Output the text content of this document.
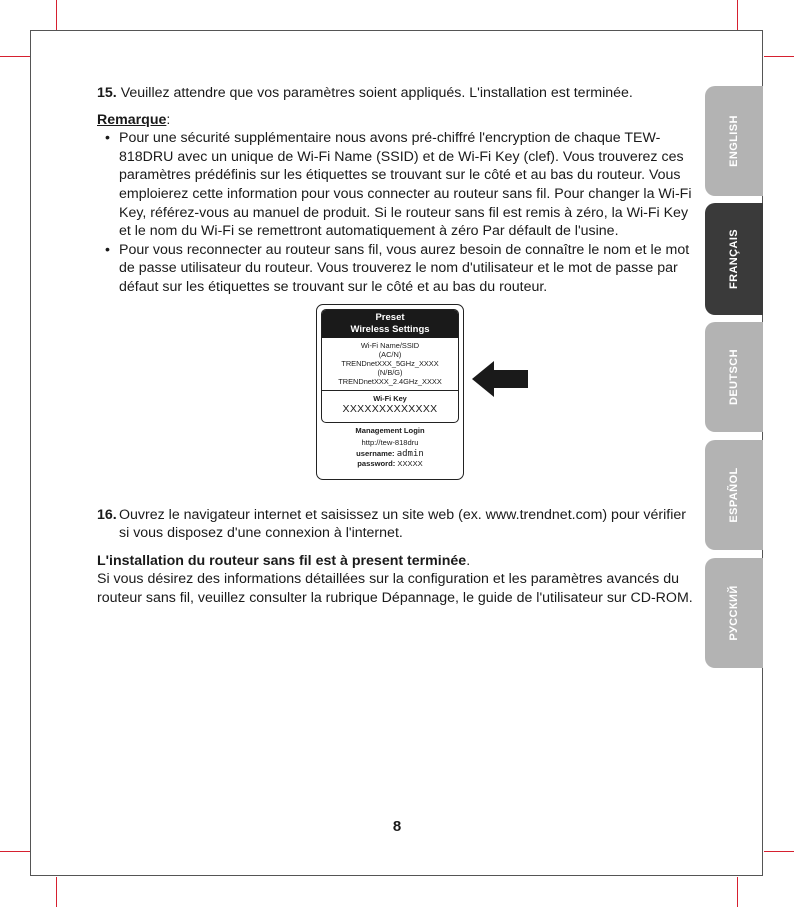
ENGLISH
FRANÇAIS
DEUTSCH
ESPAÑOL
РУССКИЙ

15. Veuillez attendre que vos paramètres soient appliqués. L'installation est terminée.

Remarque:

• Pour une sécurité supplémentaire nous avons pré-chiffré l'encryption de chaque TEW-818DRU avec un unique de Wi-Fi Name (SSID) et de Wi-Fi Key (clef). Vous trouverez ces paramètres prédéfinis sur les étiquettes se trouvant sur le côté et au bas du routeur. Vous emploierez cette information pour vous connecter au routeur sans fil. Pour changer la Wi-Fi Key, référez-vous au manuel de produit. Si le routeur sans fil est remis à zéro, la Wi-Fi Key et le nom du Wi-Fi se remettront automatiquement à zéro Par défault de l'usine.
• Pour vous reconnecter au routeur sans fil, vous aurez besoin de connaître le nom et le mot de passe utilisateur du routeur. Vous trouverez le nom d'utilisateur et le mot de passe par défaut sur les étiquettes se trouvant sur le côté et au bas du routeur.
16. Ouvrez le navigateur internet et saisissez un site web (ex. www.trendnet.com) pour vérifier si vous disposez d'une connexion à l'internet.

L'installation du routeur sans fil est à present terminée.
Si vous désirez des informations détaillées sur la configuration et les paramètres avancés du routeur sans fil, veuillez consulter la rubrique Dépannage, le guide de l'utilisateur sur CD-ROM.

Preset
Wireless Settings
Wi-Fi Name/SSID
(AC/N)
TRENDnetXXX_5GHz_XXXX
(N/B/G)
TRENDnetXXX_2.4GHz_XXXX
Wi-Fi Key
XXXXXXXXXXXXX
Management Login
http://tew-818dru
username: admin
password: XXXXX
8
